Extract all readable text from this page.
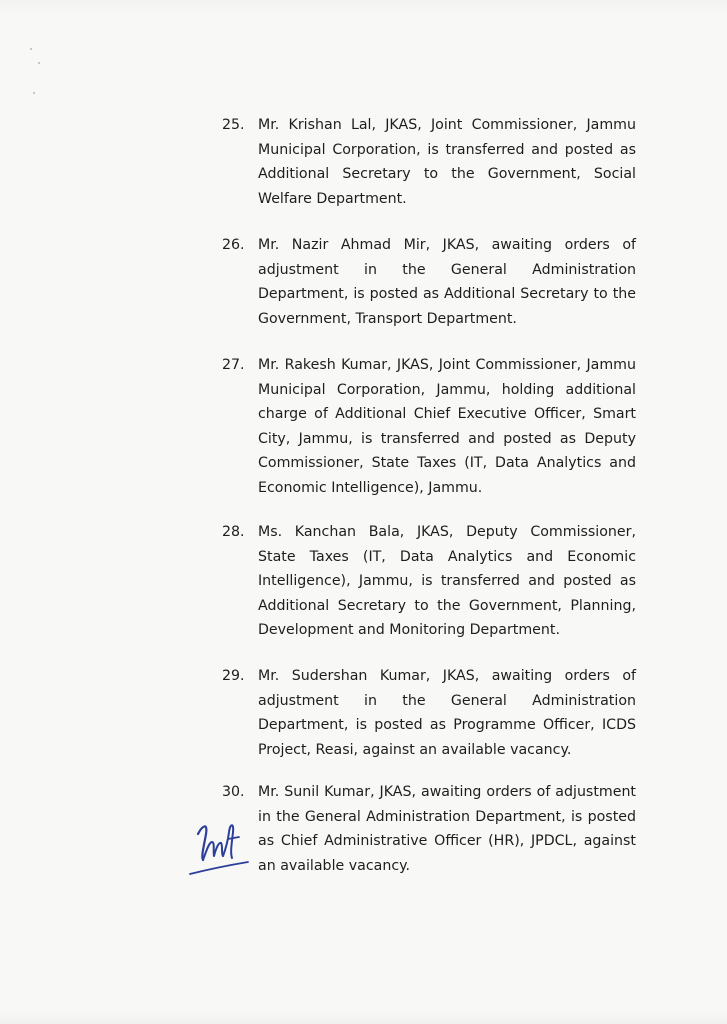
25. Mr. Krishan Lal, JKAS, Joint Commissioner, Jammu Municipal Corporation, is transferred and posted as Additional Secretary to the Government, Social Welfare Department.
26. Mr. Nazir Ahmad Mir, JKAS, awaiting orders of adjustment in the General Administration Department, is posted as Additional Secretary to the Government, Transport Department.
27. Mr. Rakesh Kumar, JKAS, Joint Commissioner, Jammu Municipal Corporation, Jammu, holding additional charge of Additional Chief Executive Officer, Smart City, Jammu, is transferred and posted as Deputy Commissioner, State Taxes (IT, Data Analytics and Economic Intelligence), Jammu.
28. Ms. Kanchan Bala, JKAS, Deputy Commissioner, State Taxes (IT, Data Analytics and Economic Intelligence), Jammu, is transferred and posted as Additional Secretary to the Government, Planning, Development and Monitoring Department.
29. Mr. Sudershan Kumar, JKAS, awaiting orders of adjustment in the General Administration Department, is posted as Programme Officer, ICDS Project, Reasi, against an available vacancy.
30. Mr. Sunil Kumar, JKAS, awaiting orders of adjustment in the General Administration Department, is posted as Chief Administrative Officer (HR), JPDCL, against an available vacancy.
